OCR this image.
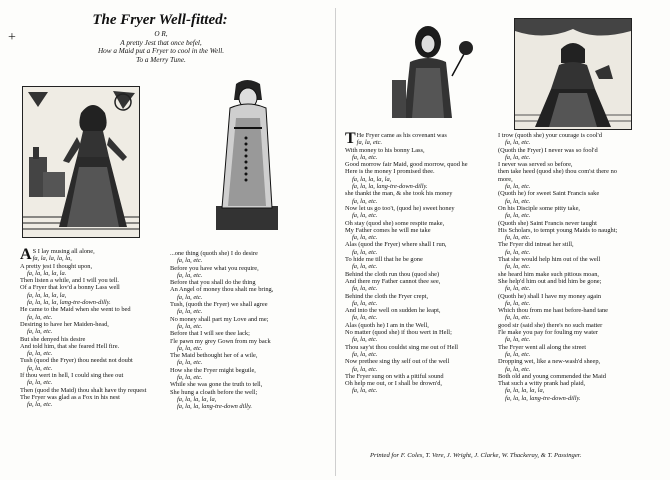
+
The Fryer Well-fitted:
O R,
A pretty Jest that once befel,
How a Maid put a Fryer to cool in the Well.
To a Merry Tune.
A S I lay musing all alone,
fa, la, la, la, la,
A pretty jest I thought upon,
fa, la, la, la, la.
Then listen a while, and I will you tell.
Of a Fryer that lov'd a bonny Lass well
fa, la, la, la, la,
fa, la, la, la, lang-tre-down-dilly.
He came to the Maid when she went to bed
fa, la, etc.
Desiring to have her Maiden-head,
fa, la, etc.
But she denyed his desire
And told him, that she feared Hell fire.
fa, la, etc.
Tush (quod the Fryer) thou needst not doubt
fa, la, etc.
If thou wert in hell, I could sing thee out
fa, la, etc.
Then (quod the Maid) thou shalt have thy request
The Fryer was glad as a Fox in his nest
fa, la, etc.
...one thing (quoth she) I do desire
fa, la, etc.
Before you have what you require,
fa, la, etc.
Before that you shall do the thing
An Angel of money thou shalt me bring,
fa, la, etc.
Tush, (quoth the Fryer) we shall agree
fa, la, etc.
No money shall part my Love and me;
fa, la, etc.
Before that I will see thee lack;
I'le pawn my grey Gown from my back
fa, la, etc.
The Maid bethought her of a wile,
fa, la, etc.
How she the Fryer might beguile,
fa, la, etc.
While she was gone the truth to tell,
She hung a cloath before the well;
fa, la, la, la, la,
fa, la, la, lang-tre-down dilly.
T He Fryer came as his covenant was
fa, la, etc.
With money to his bonny Lass,
fa, la, etc.
Good morrow fair Maid, good morrow, quod he
Here is the money I promised thee.
fa, la, la, la, la,
fa, la, la, lang-tre-down-dilly.
she thankt the man, & she took his money
fa, la, etc.
Now let us go too't, (quod he) sweet honey
fa, la, etc.
Oh stay (quod she) some respite make,
My Father comes he will me take
fa, la, etc.
Alas (quod the Fryer) where shall I run,
fa, la, etc.
To hide me till that he be gone
fa, la, etc.
Behind the cloth run thou (quod she)
And there my Father cannot thee see,
fa, la, etc.
Behind the cloth the Fryer crept,
fa, la, etc.
And into the well on sudden he leapt,
fa, la, etc.
Alas (quoth he) I am in the Well,
No matter (quod she) if thou wert in Hell;
fa, la, etc.
Thou say'st thou couldst sing me out of Hell
fa, la, etc.
Now prethee sing thy self out of the well
fa, la, etc.
The Fryer sung on with a pitiful sound
Oh help me out, or I shall be drown'd,
fa, la, etc.
I trow (quoth she) your courage is cool'd
fa, la, etc.
(Quoth the Fryer) I never was so fool'd
fa, la, etc.
I never was served so before,
then take heed (quod she) thou com'st there no
more,
fa, la, etc.
(Quoth he) for sweet Saint Francis sake
fa, la, etc.
On his Disciple some pitty take,
fa, la, etc.
(Quoth she) Saint Francis never taught
His Scholars, to tempt young Maids to naught;
fa, la, etc.
The Fryer did intreat her still,
fa, la, etc.
That she would help him out of the well
fa, la, etc.
she heard him make such pitious moan,
She help'd him out and bid him be gone;
fa, la, etc.
(Quoth he) shall I have my money again
fa, la, etc.
Which thou from me hast before-hand tane
fa, la, etc.
good sir (said she) there's no such matter
I'le make you pay for fouling my water
fa, la, etc.
The Fryer went all along the street
fa, la, etc.
Dropping wet, like a new-wash'd sheep,
fa, la, etc.
Both old and young commended the Maid
That such a witty prank had plaid,
fa, la, la, la, la,
fa, la, la, lang-tre-down-dilly.
Printed for F. Coles, T. Vere, J. Wright, J. Clarke, W. Thackeray, & T. Passinger.
